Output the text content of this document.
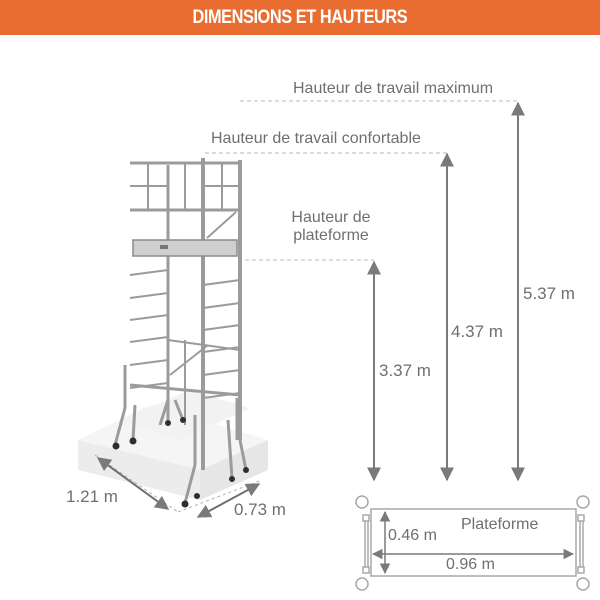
DIMENSIONS ET HAUTEURS
Hauteur de travail maximum
Hauteur de travail confortable
Hauteur de
plateforme
3.37 m
4.37 m
5.37 m
1.21 m
0.73 m
Plateforme
0.46 m
0.96 m
